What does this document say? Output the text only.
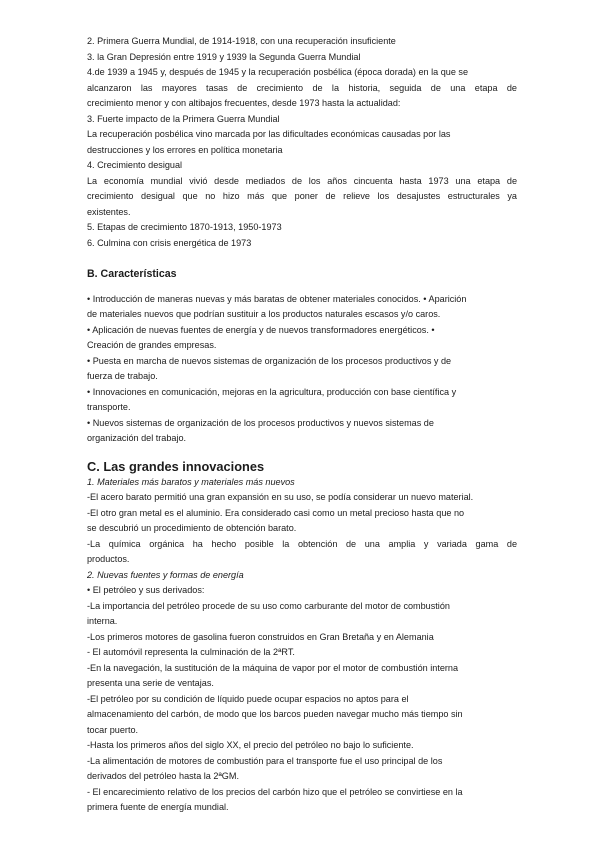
2. Primera Guerra Mundial, de 1914-1918, con una recuperación insuficiente
3. la Gran Depresión entre 1919 y 1939 la Segunda Guerra Mundial
4.de 1939 a 1945 y, después de 1945 y la recuperación posbélica (época dorada) en la que se
alcanzaron las mayores tasas de crecimiento de la historia, seguida de una etapa de
crecimiento menor y con altibajos frecuentes, desde 1973 hasta la actualidad:
3. Fuerte impacto de la Primera Guerra Mundial
La recuperación posbélica vino marcada por las dificultades económicas causadas por las
destrucciones y los errores en política monetaria
4. Crecimiento desigual
La economía mundial vivió desde mediados de los años cincuenta hasta 1973 una etapa de
crecimiento desigual que no hizo más que poner de relieve los desajustes estructurales ya
existentes.
5. Etapas de crecimiento 1870-1913, 1950-1973
6. Culmina con crisis energética de 1973
B. Características
• Introducción de maneras nuevas y más baratas de obtener materiales conocidos. • Aparición
de materiales nuevos que podrían sustituir a los productos naturales escasos y/o caros.
• Aplicación de nuevas fuentes de energía y de nuevos transformadores energéticos. •
Creación de grandes empresas.
• Puesta en marcha de nuevos sistemas de organización de los procesos productivos y de
fuerza de trabajo.
• Innovaciones en comunicación, mejoras en la agricultura, producción con base científica y
transporte.
• Nuevos sistemas de organización de los procesos productivos y nuevos sistemas de
organización del trabajo.
C. Las grandes innovaciones
1. Materiales más baratos y materiales más nuevos
-El acero barato permitió una gran expansión en su uso, se podía considerar un nuevo material.
-El otro gran metal es el aluminio. Era considerado casi como un metal precioso hasta que no
se descubrió un procedimiento de obtención barato.
-La química orgánica ha hecho posible la obtención de una amplia y variada gama de
productos.
2. Nuevas fuentes y formas de energía
• El petróleo y sus derivados:
-La importancia del petróleo procede de su uso como carburante del motor de combustión
interna.
-Los primeros motores de gasolina fueron construidos en Gran Bretaña y en Alemania
- El automóvil representa la culminación de la 2ªRT.
-En la navegación, la sustitución de la máquina de vapor por el motor de combustión interna
presenta una serie de ventajas.
-El petróleo por su condición de líquido puede ocupar espacios no aptos para el
almacenamiento del carbón, de modo que los barcos pueden navegar mucho más tiempo sin
tocar puerto.
-Hasta los primeros años del siglo XX, el precio del petróleo no bajo lo suficiente.
-La alimentación de motores de combustión para el transporte fue el uso principal de los
derivados del petróleo hasta la 2ªGM.
- El encarecimiento relativo de los precios del carbón hizo que el petróleo se convirtiese en la
primera fuente de energía mundial.
